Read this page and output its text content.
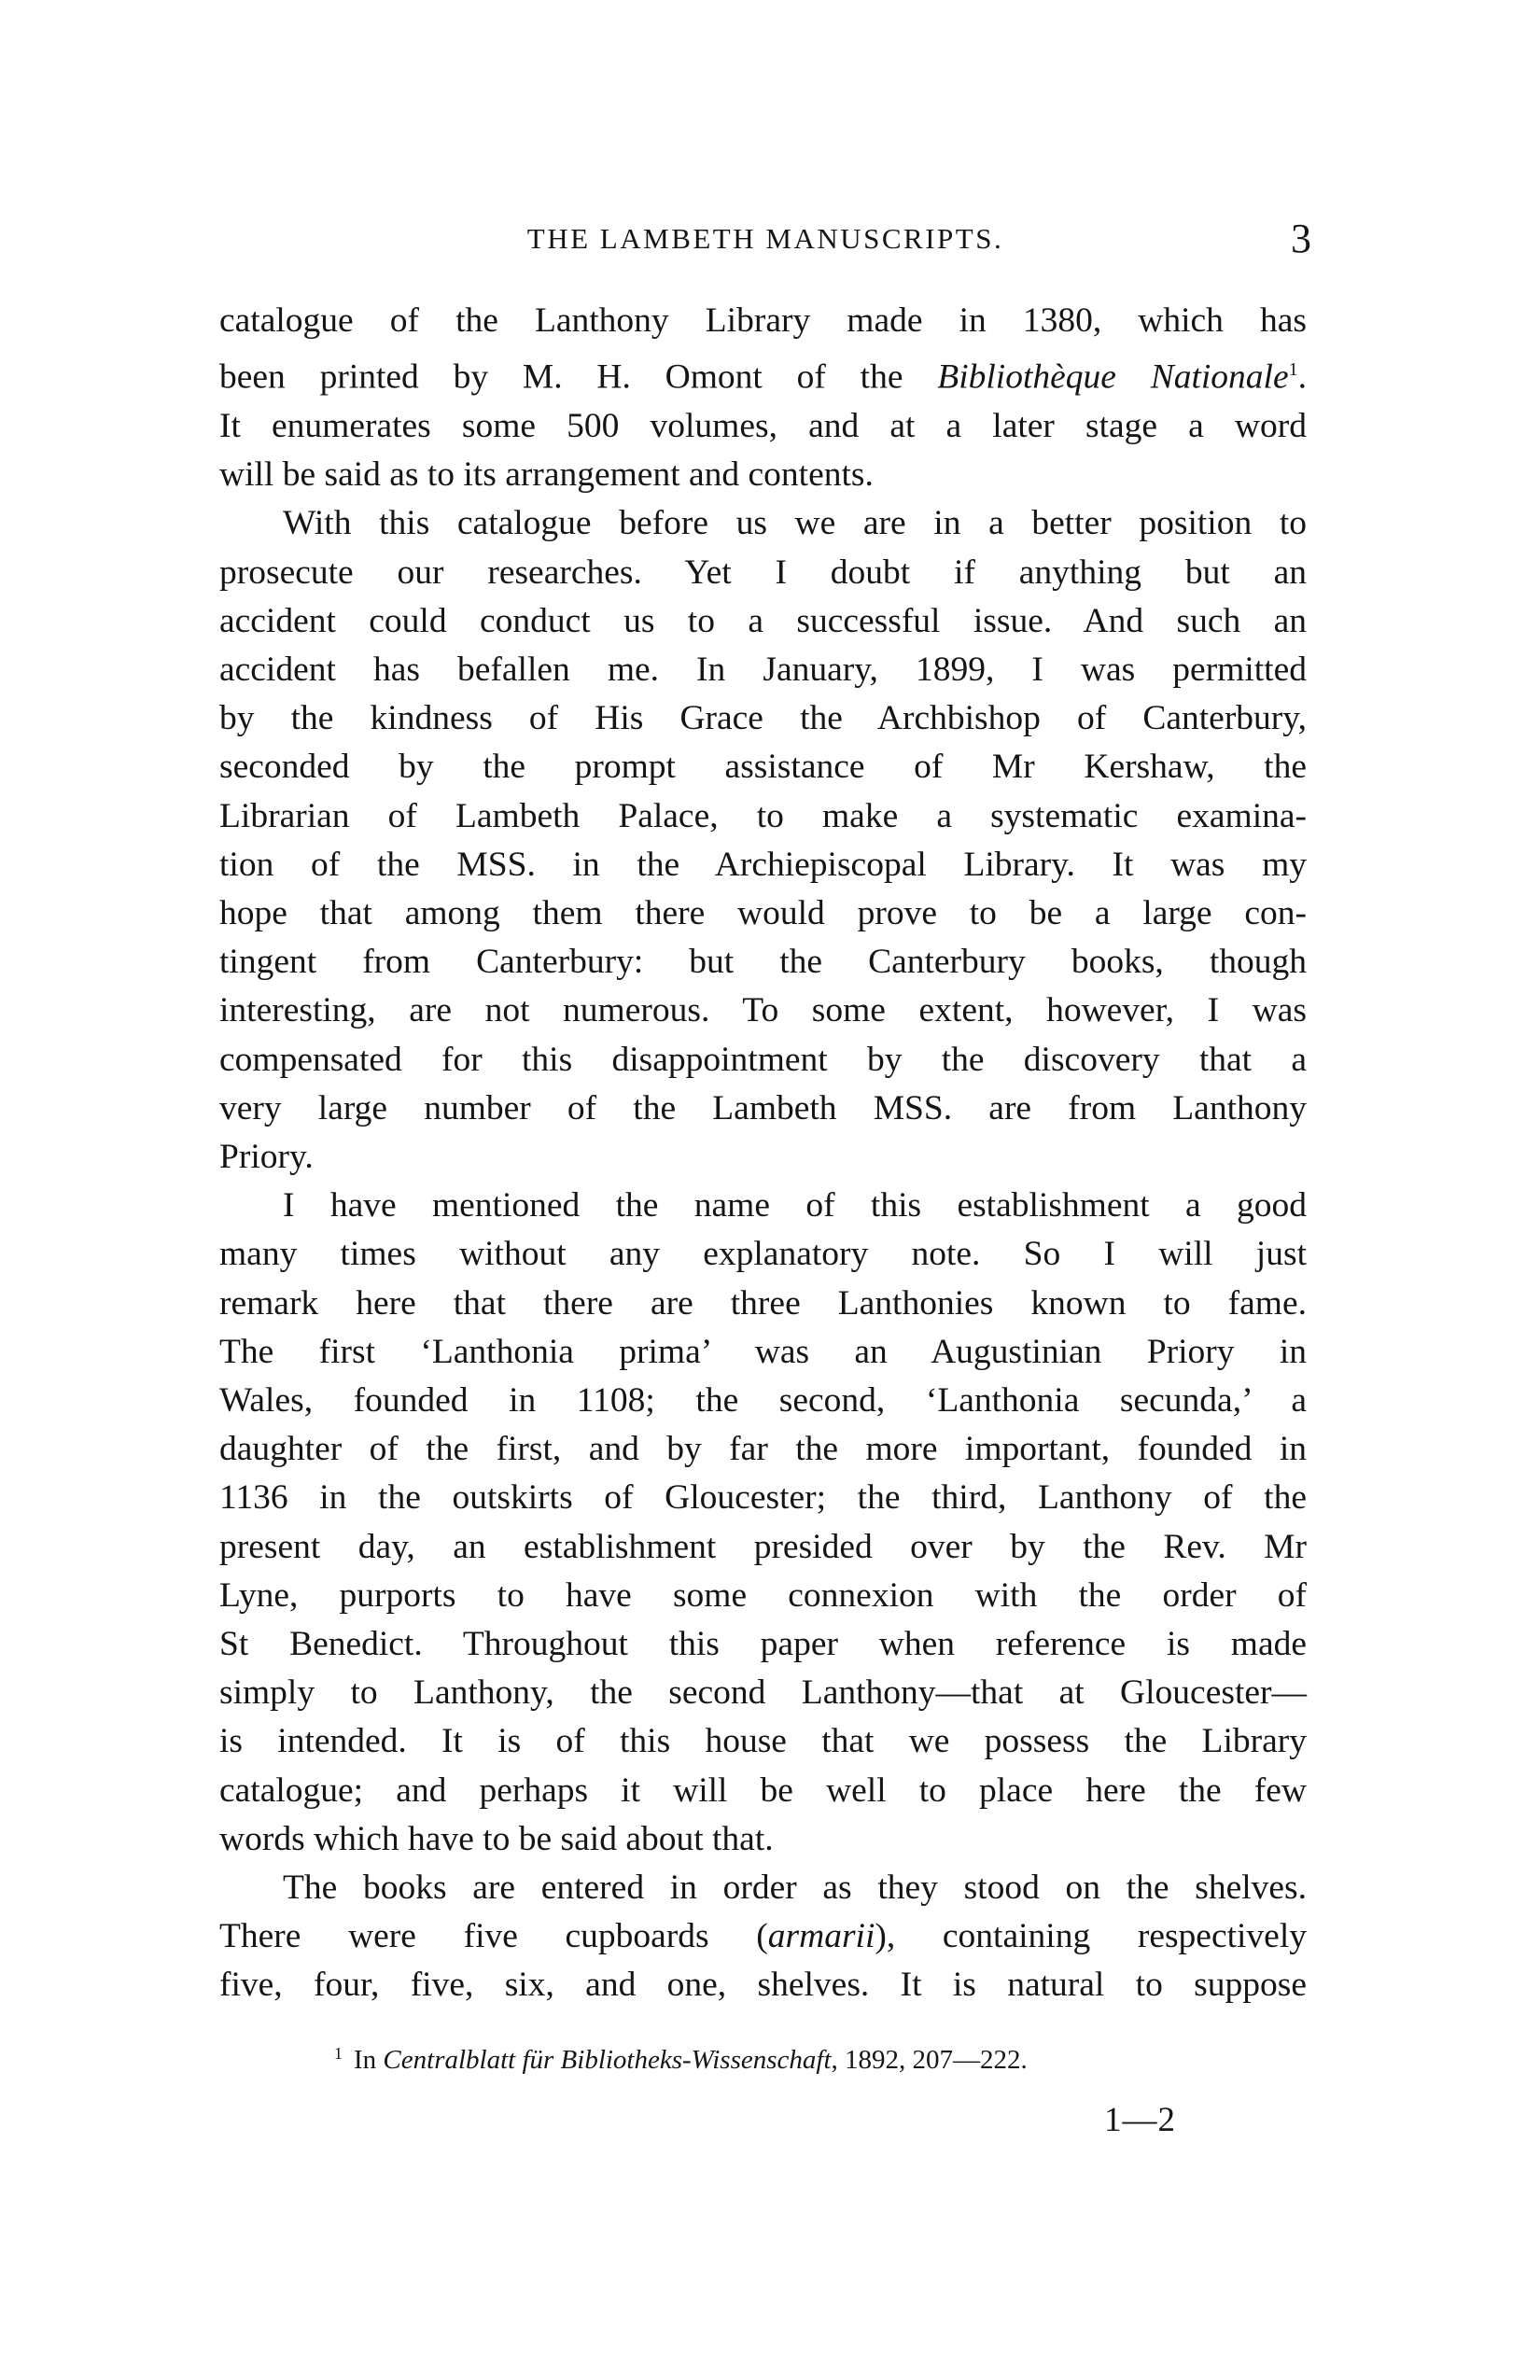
THE LAMBETH MANUSCRIPTS.	3

catalogue of the Lanthony Library made in 1380, which has
been printed by M. H. Omont of the Bibliothèque Nationale$^1$.
It enumerates some 500 volumes, and at a later stage a word
will be said as to its arrangement and contents.

With this catalogue before us we are in a better position to
prosecute our researches. Yet I doubt if anything but an
accident could conduct us to a successful issue. And such an
accident has befallen me. In January, 1899, I was permitted
by the kindness of His Grace the Archbishop of Canterbury,
seconded by the prompt assistance of Mr Kershaw, the
Librarian of Lambeth Palace, to make a systematic examina-
tion of the MSS. in the Archiepiscopal Library. It was my
hope that among them there would prove to be a large con-
tingent from Canterbury: but the Canterbury books, though
interesting, are not numerous. To some extent, however, I was
compensated for this disappointment by the discovery that a
very large number of the Lambeth MSS. are from Lanthony
Priory.

I have mentioned the name of this establishment a good
many times without any explanatory note. So I will just
remark here that there are three Lanthonies known to fame.
The first ‘Lanthonia prima’ was an Augustinian Priory in
Wales, founded in 1108; the second, ‘Lanthonia secunda,’ a
daughter of the first, and by far the more important, founded in
1136 in the outskirts of Gloucester; the third, Lanthony of the
present day, an establishment presided over by the Rev. Mr
Lyne, purports to have some connexion with the order of
St Benedict. Throughout this paper when reference is made
simply to Lanthony, the second Lanthony—that at Gloucester—
is intended. It is of this house that we possess the Library
catalogue; and perhaps it will be well to place here the few
words which have to be said about that.

The books are entered in order as they stood on the shelves.
There were five cupboards (armarii), containing respectively
five, four, five, six, and one, shelves. It is natural to suppose

$^1$ In Centralblatt für Bibliotheks-Wissenschaft, 1892, 207—222.
1—2
